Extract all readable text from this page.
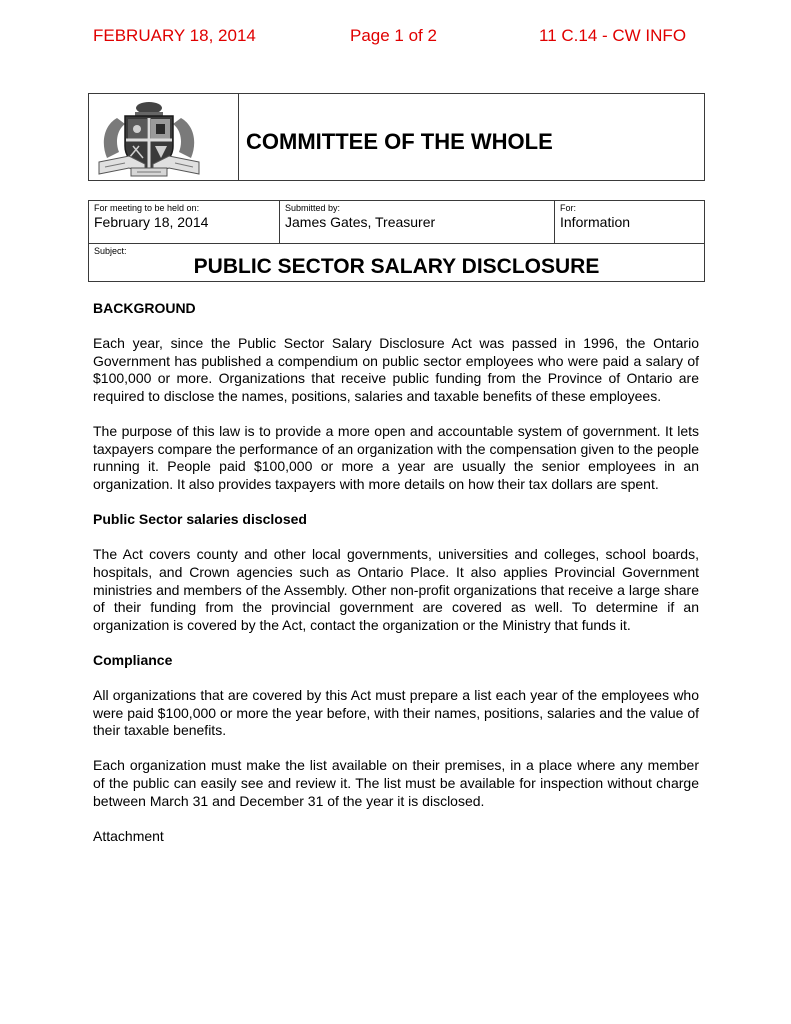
FEBRUARY 18, 2014	Page 1 of 2	11 C.14 - CW INFO
COMMITTEE OF THE WHOLE
For meeting to be held on:
February 18, 2014
Submitted by:
James Gates, Treasurer
For:
Information
Subject:
PUBLIC SECTOR SALARY DISCLOSURE
BACKGROUND

Each year, since the Public Sector Salary Disclosure Act was passed in 1996, the Ontario Government has published a compendium on public sector employees who were paid a salary of $100,000 or more. Organizations that receive public funding from the Province of Ontario are required to disclose the names, positions, salaries and taxable benefits of these employees.

The purpose of this law is to provide a more open and accountable system of government. It lets taxpayers compare the performance of an organization with the compensation given to the people running it. People paid $100,000 or more a year are usually the senior employees in an organization. It also provides taxpayers with more details on how their tax dollars are spent.

Public Sector salaries disclosed

The Act covers county and other local governments, universities and colleges, school boards, hospitals, and Crown agencies such as Ontario Place. It also applies Provincial Government ministries and members of the Assembly. Other non-profit organizations that receive a large share of their funding from the provincial government are covered as well. To determine if an organization is covered by the Act, contact the organization or the Ministry that funds it.

Compliance

All organizations that are covered by this Act must prepare a list each year of the employees who were paid $100,000 or more the year before, with their names, positions, salaries and the value of their taxable benefits.

Each organization must make the list available on their premises, in a place where any member of the public can easily see and review it. The list must be available for inspection without charge between March 31 and December 31 of the year it is disclosed.

Attachment
